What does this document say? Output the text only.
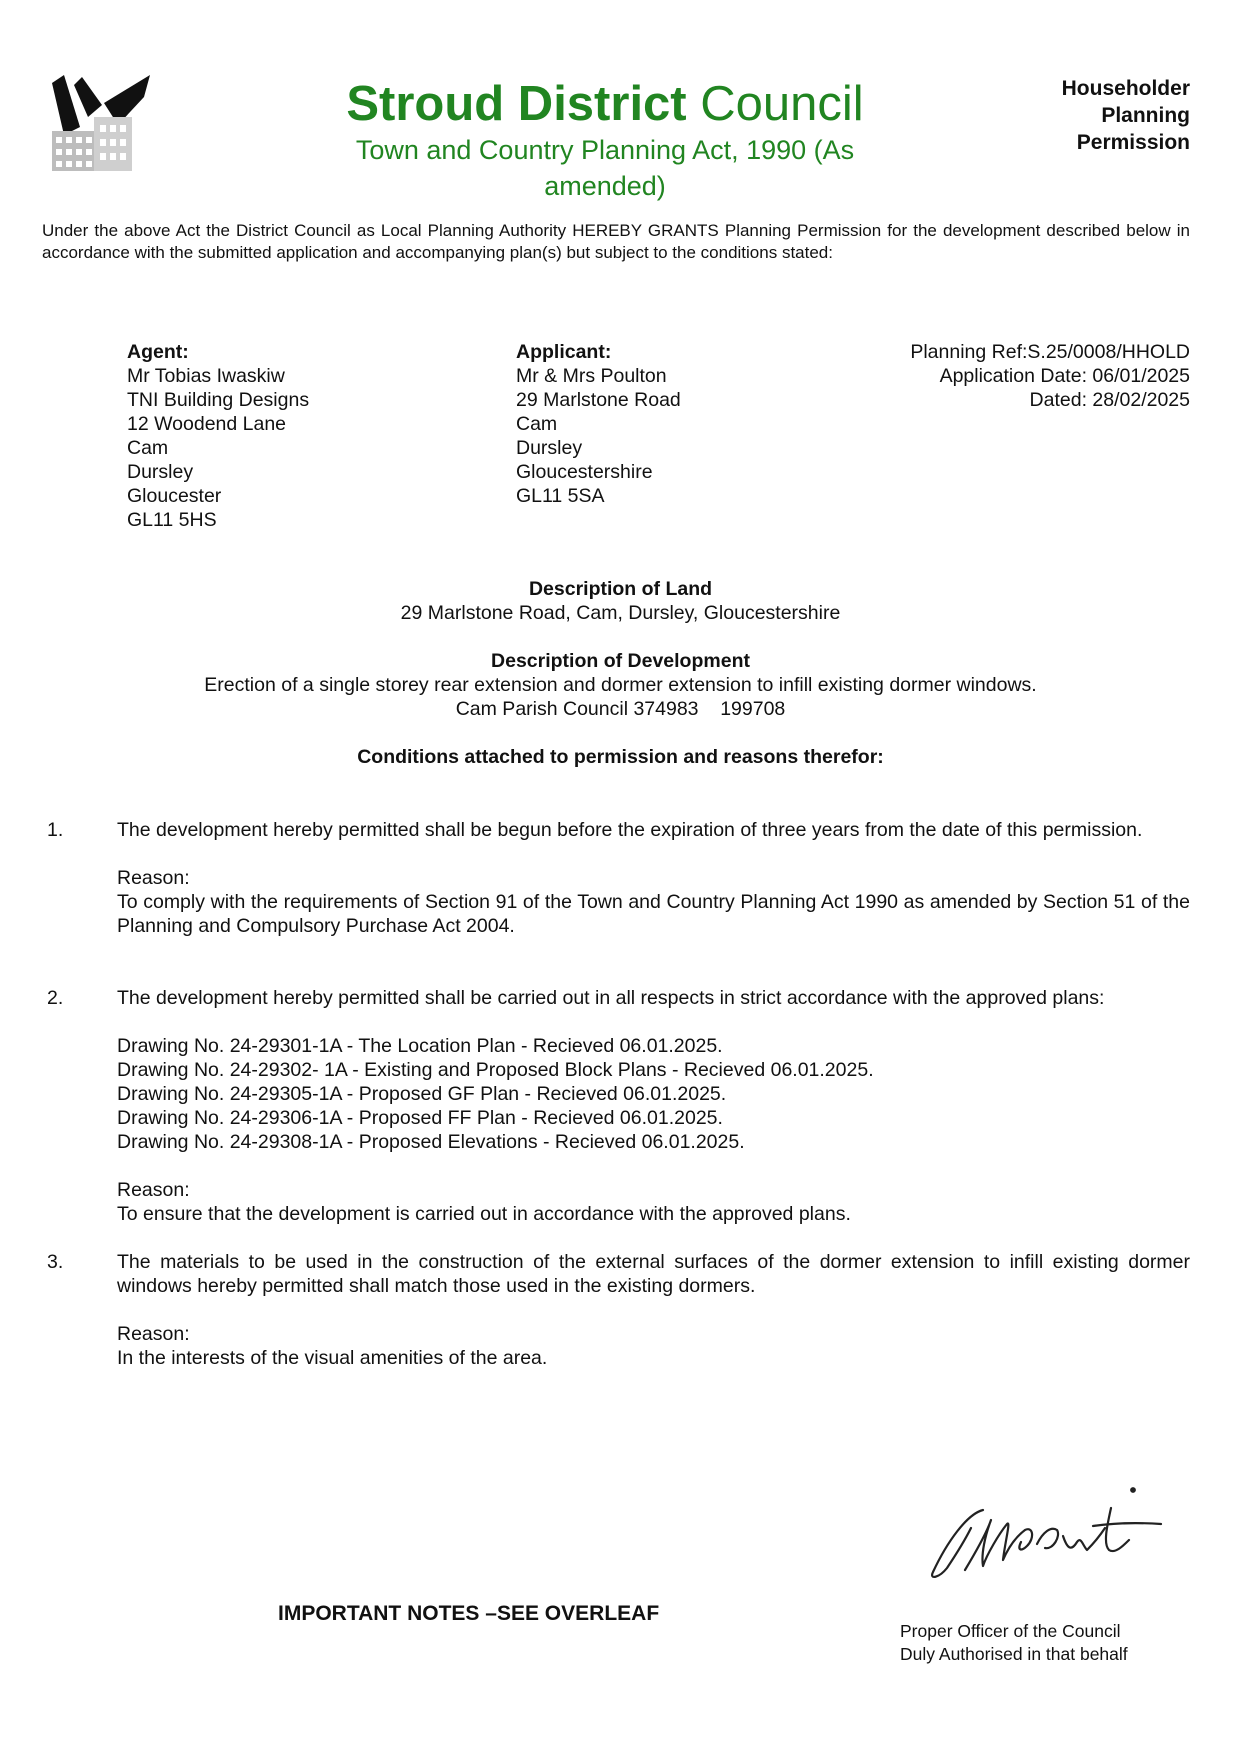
Stroud District Council
Town and Country Planning Act, 1990 (As amended)
Householder
Planning
Permission
Under the above Act the District Council as Local Planning Authority HEREBY GRANTS Planning Permission for the development described below in accordance with the submitted application and accompanying plan(s) but subject to the conditions stated:
Agent:
Mr Tobias Iwaskiw
TNI Building Designs
12 Woodend Lane
Cam
Dursley
Gloucester
GL11 5HS
Applicant:
Mr & Mrs Poulton
29 Marlstone Road
Cam
Dursley
Gloucestershire
GL11 5SA
Planning Ref:S.25/0008/HHOLD
Application Date: 06/01/2025
Dated: 28/02/2025
Description of Land
29 Marlstone Road, Cam, Dursley, Gloucestershire
Description of Development
Erection of a single storey rear extension and dormer extension to infill existing dormer windows.
Cam Parish Council 374983    199708
Conditions attached to permission and reasons therefor:
1.	The development hereby permitted shall be begun before the expiration of three years from the date of this permission.

Reason:

To comply with the requirements of Section 91 of the Town and Country Planning Act 1990 as amended by Section 51 of the Planning and Compulsory Purchase Act 2004.

2.	The development hereby permitted shall be carried out in all respects in strict accordance with the approved plans:

Drawing No. 24-29301-1A - The Location Plan - Recieved 06.01.2025.

Drawing No. 24-29302- 1A - Existing and Proposed Block Plans - Recieved 06.01.2025.

Drawing No. 24-29305-1A - Proposed GF Plan - Recieved 06.01.2025.

Drawing No. 24-29306-1A - Proposed FF Plan - Recieved 06.01.2025.

Drawing No. 24-29308-1A - Proposed Elevations - Recieved 06.01.2025.

Reason:

To ensure that the development is carried out in accordance with the approved plans.

3.	The materials to be used in the construction of the external surfaces of the dormer extension to infill existing dormer windows hereby permitted shall match those used in the existing dormers.

Reason:

In the interests of the visual amenities of the area.

IMPORTANT NOTES –SEE OVERLEAF
Proper Officer of the Council
Duly Authorised in that behalf
